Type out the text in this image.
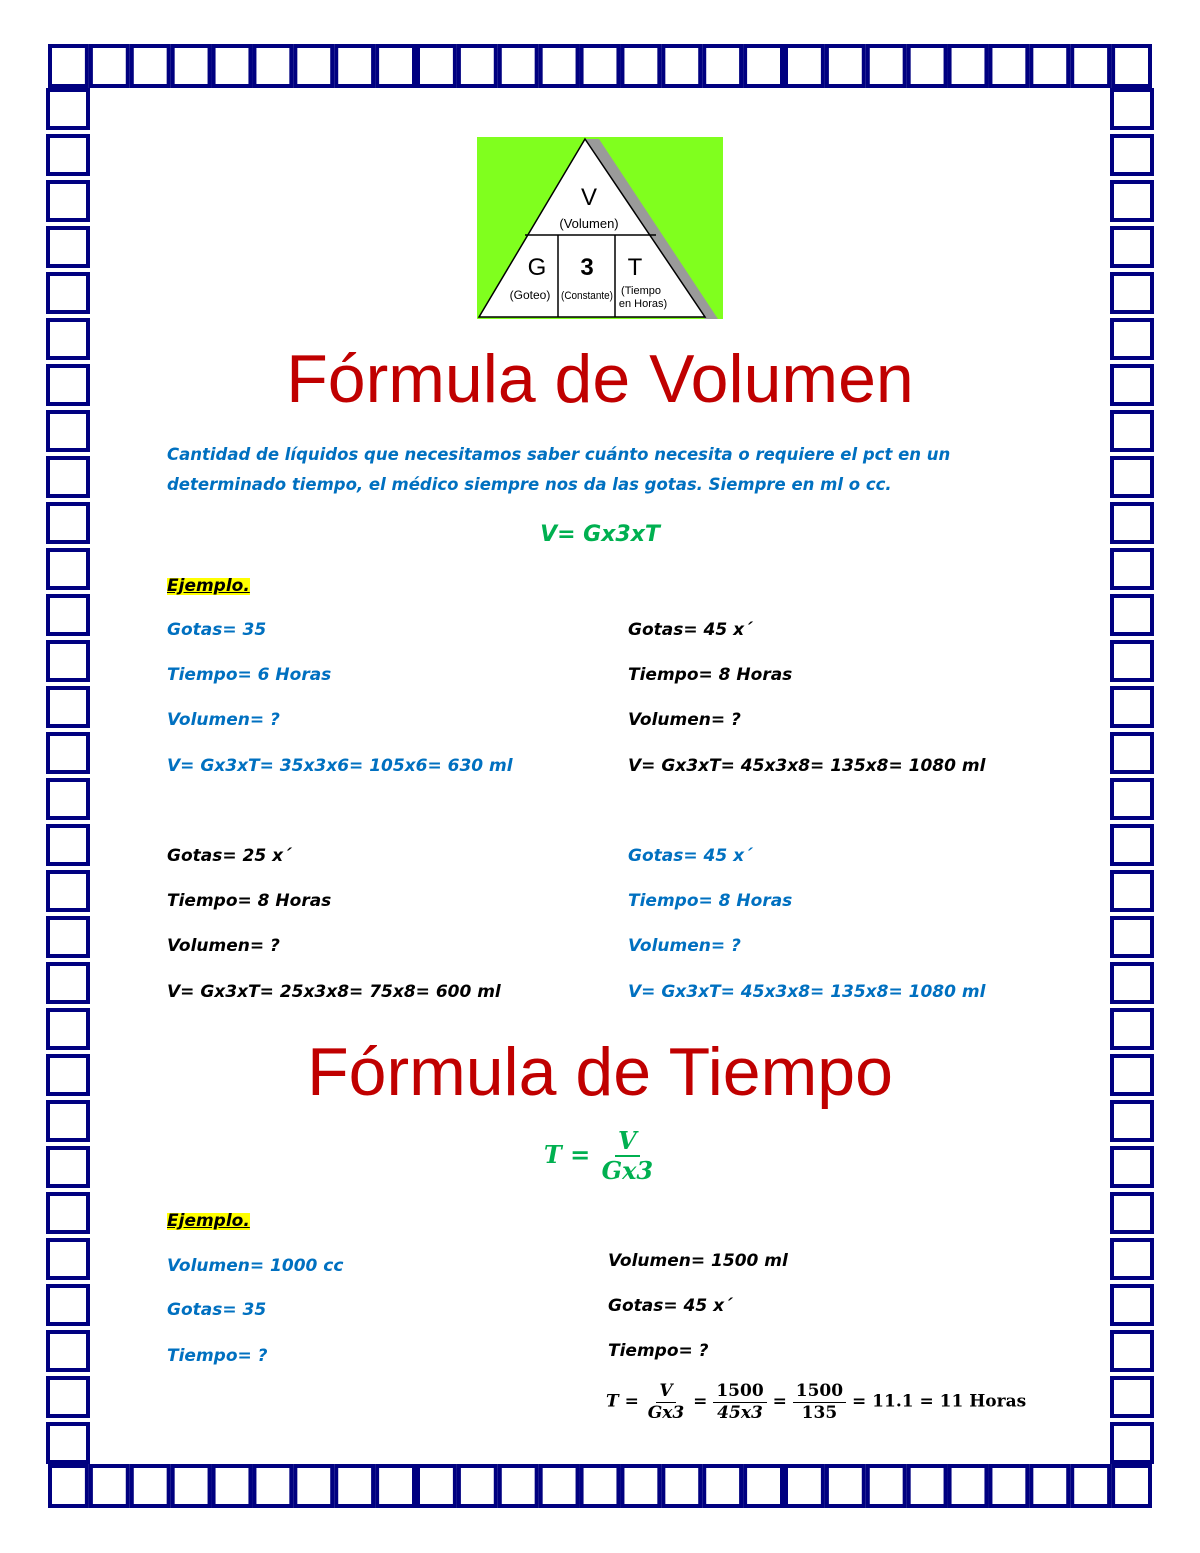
V
(Volumen)
G
(Goteo)
3
(Constante)
T
(Tiempo
en Horas)
Fórmula de Volumen
Cantidad de líquidos que necesitamos saber cuánto necesita o requiere el pct en un determinado tiempo, el médico siempre nos da las gotas. Siempre en ml o cc.
V= Gx3xT
Ejemplo.
Gotas= 35
Tiempo= 6 Horas
Volumen= ?
V= Gx3xT= 35x3x6= 105x6= 630 ml
Gotas= 45 x´
Tiempo= 8 Horas
Volumen= ?
V= Gx3xT= 45x3x8= 135x8= 1080 ml
Gotas= 25 x´
Tiempo= 8 Horas
Volumen= ?
V= Gx3xT= 25x3x8= 75x8= 600 ml
Gotas= 45 x´
Tiempo= 8 Horas
Volumen= ?
V= Gx3xT= 45x3x8= 135x8= 1080 ml
Fórmula de Tiempo
$T = \frac{V}{Gx3}$
Ejemplo.
Volumen= 1000 cc
Gotas= 35
Tiempo= ?
Volumen= 1500 ml
Gotas= 45 x´
Tiempo= ?
$T = \frac{V}{Gx3} = \frac{1500}{45x3} = \frac{1500}{135} = 11.1 = 11$ Horas
